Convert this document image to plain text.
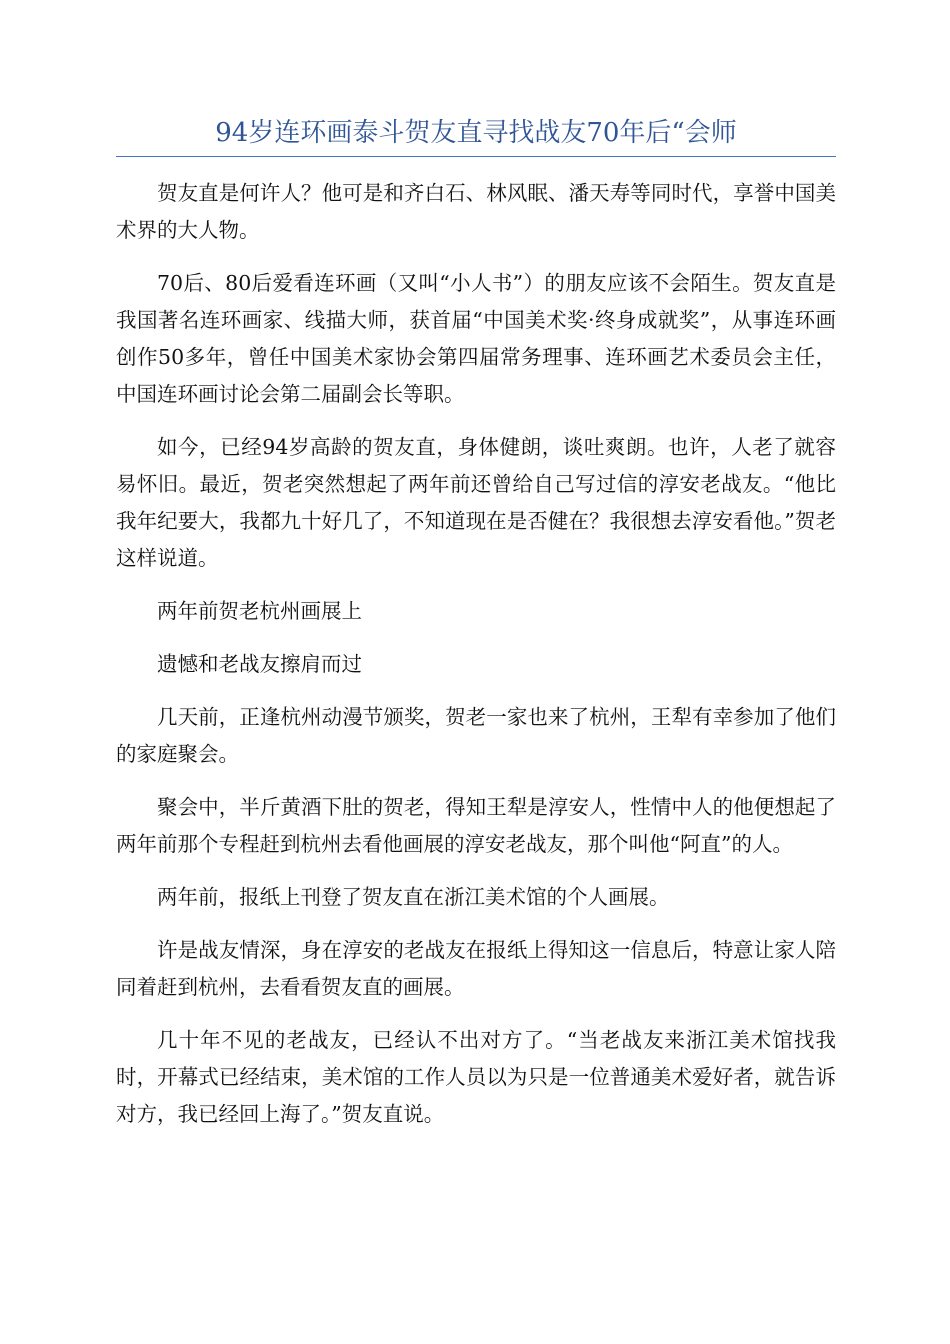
94岁连环画泰斗贺友直寻找战友70年后“会师

贺友直是何许人？他可是和齐白石、林风眠、潘天寿等同时代，享誉中国美术界的大人物。

70后、80后爱看连环画（又叫“小人书”）的朋友应该不会陌生。贺友直是我国著名连环画家、线描大师，获首届“中国美术奖·终身成就奖”，从事连环画创作50多年，曾任中国美术家协会第四届常务理事、连环画艺术委员会主任，中国连环画讨论会第二届副会长等职。

如今，已经94岁高龄的贺友直，身体健朗，谈吐爽朗。也许，人老了就容易怀旧。最近，贺老突然想起了两年前还曾给自己写过信的淳安老战友。“他比我年纪要大，我都九十好几了，不知道现在是否健在？我很想去淳安看他。”贺老这样说道。

两年前贺老杭州画展上

遗憾和老战友擦肩而过

几天前，正逢杭州动漫节颁奖，贺老一家也来了杭州，王犁有幸参加了他们的家庭聚会。

聚会中，半斤黄酒下肚的贺老，得知王犁是淳安人，性情中人的他便想起了两年前那个专程赶到杭州去看他画展的淳安老战友，那个叫他“阿直”的人。

两年前，报纸上刊登了贺友直在浙江美术馆的个人画展。

许是战友情深，身在淳安的老战友在报纸上得知这一信息后，特意让家人陪同着赶到杭州，去看看贺友直的画展。

几十年不见的老战友，已经认不出对方了。“当老战友来浙江美术馆找我时，开幕式已经结束，美术馆的工作人员以为只是一位普通美术爱好者，就告诉对方，我已经回上海了。”贺友直说。
